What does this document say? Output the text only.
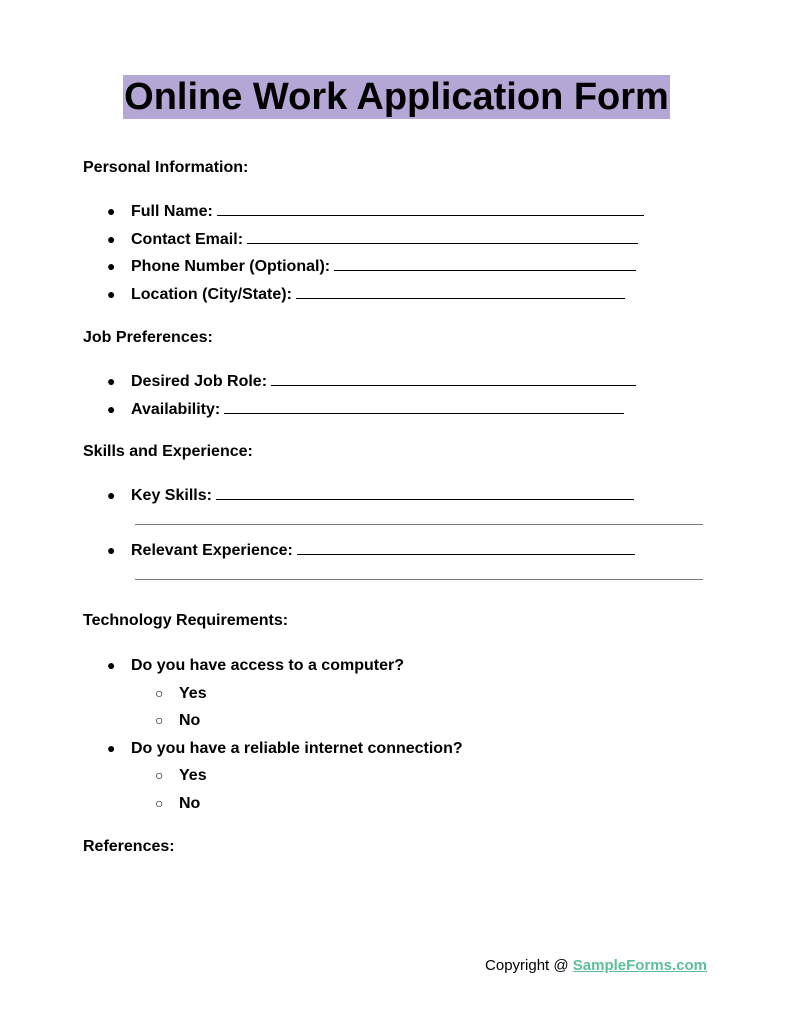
Online Work Application Form
Personal Information:
● Full Name:
● Contact Email:
● Phone Number (Optional):
● Location (City/State):
Job Preferences:
● Desired Job Role:
● Availability:
Skills and Experience:
● Key Skills:
● Relevant Experience:
Technology Requirements:
● Do you have access to a computer?
○ Yes
○ No
● Do you have a reliable internet connection?
○ Yes
○ No
References:
Copyright @ SampleForms.com
